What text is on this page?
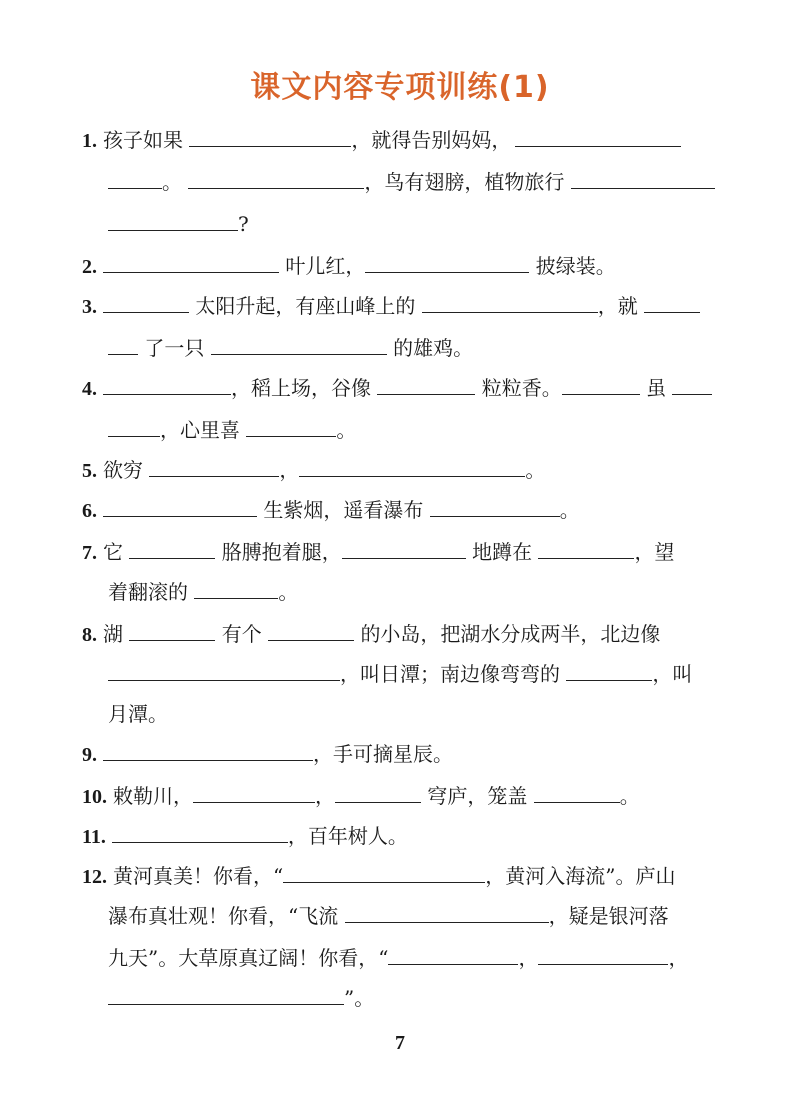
课文内容专项训练(1)
1. 孩子如果	，就得告别妈妈，
。	，鸟有翅膀，植物旅行
?
2.	叶儿红，	披绿装。
3.	太阳升起，有座山峰上的	，就
了一只	的雄鸡。
4.	，稻上场，谷像	粒粒香。	虽
，心里喜	。
5. 欲穷	，	。
6.	生紫烟，遥看瀑布	。
7. 它	胳膊抱着腿，	地蹲在	，望
着翻滚的	。
8. 湖	有个	的小岛，把湖水分成两半，北边像
，叫日潭；南边像弯弯的	，叫
月潭。
9.	，手可摘星辰。
10. 敕勒川，	，	穹庐，笼盖	。
11.	，百年树人。
12. 黄河真美！你看，“	，黄河入海流”。庐山
瀑布真壮观！你看，“飞流	，疑是银河落
九天”。大草原真辽阔！你看，“	，	，
”。
7
